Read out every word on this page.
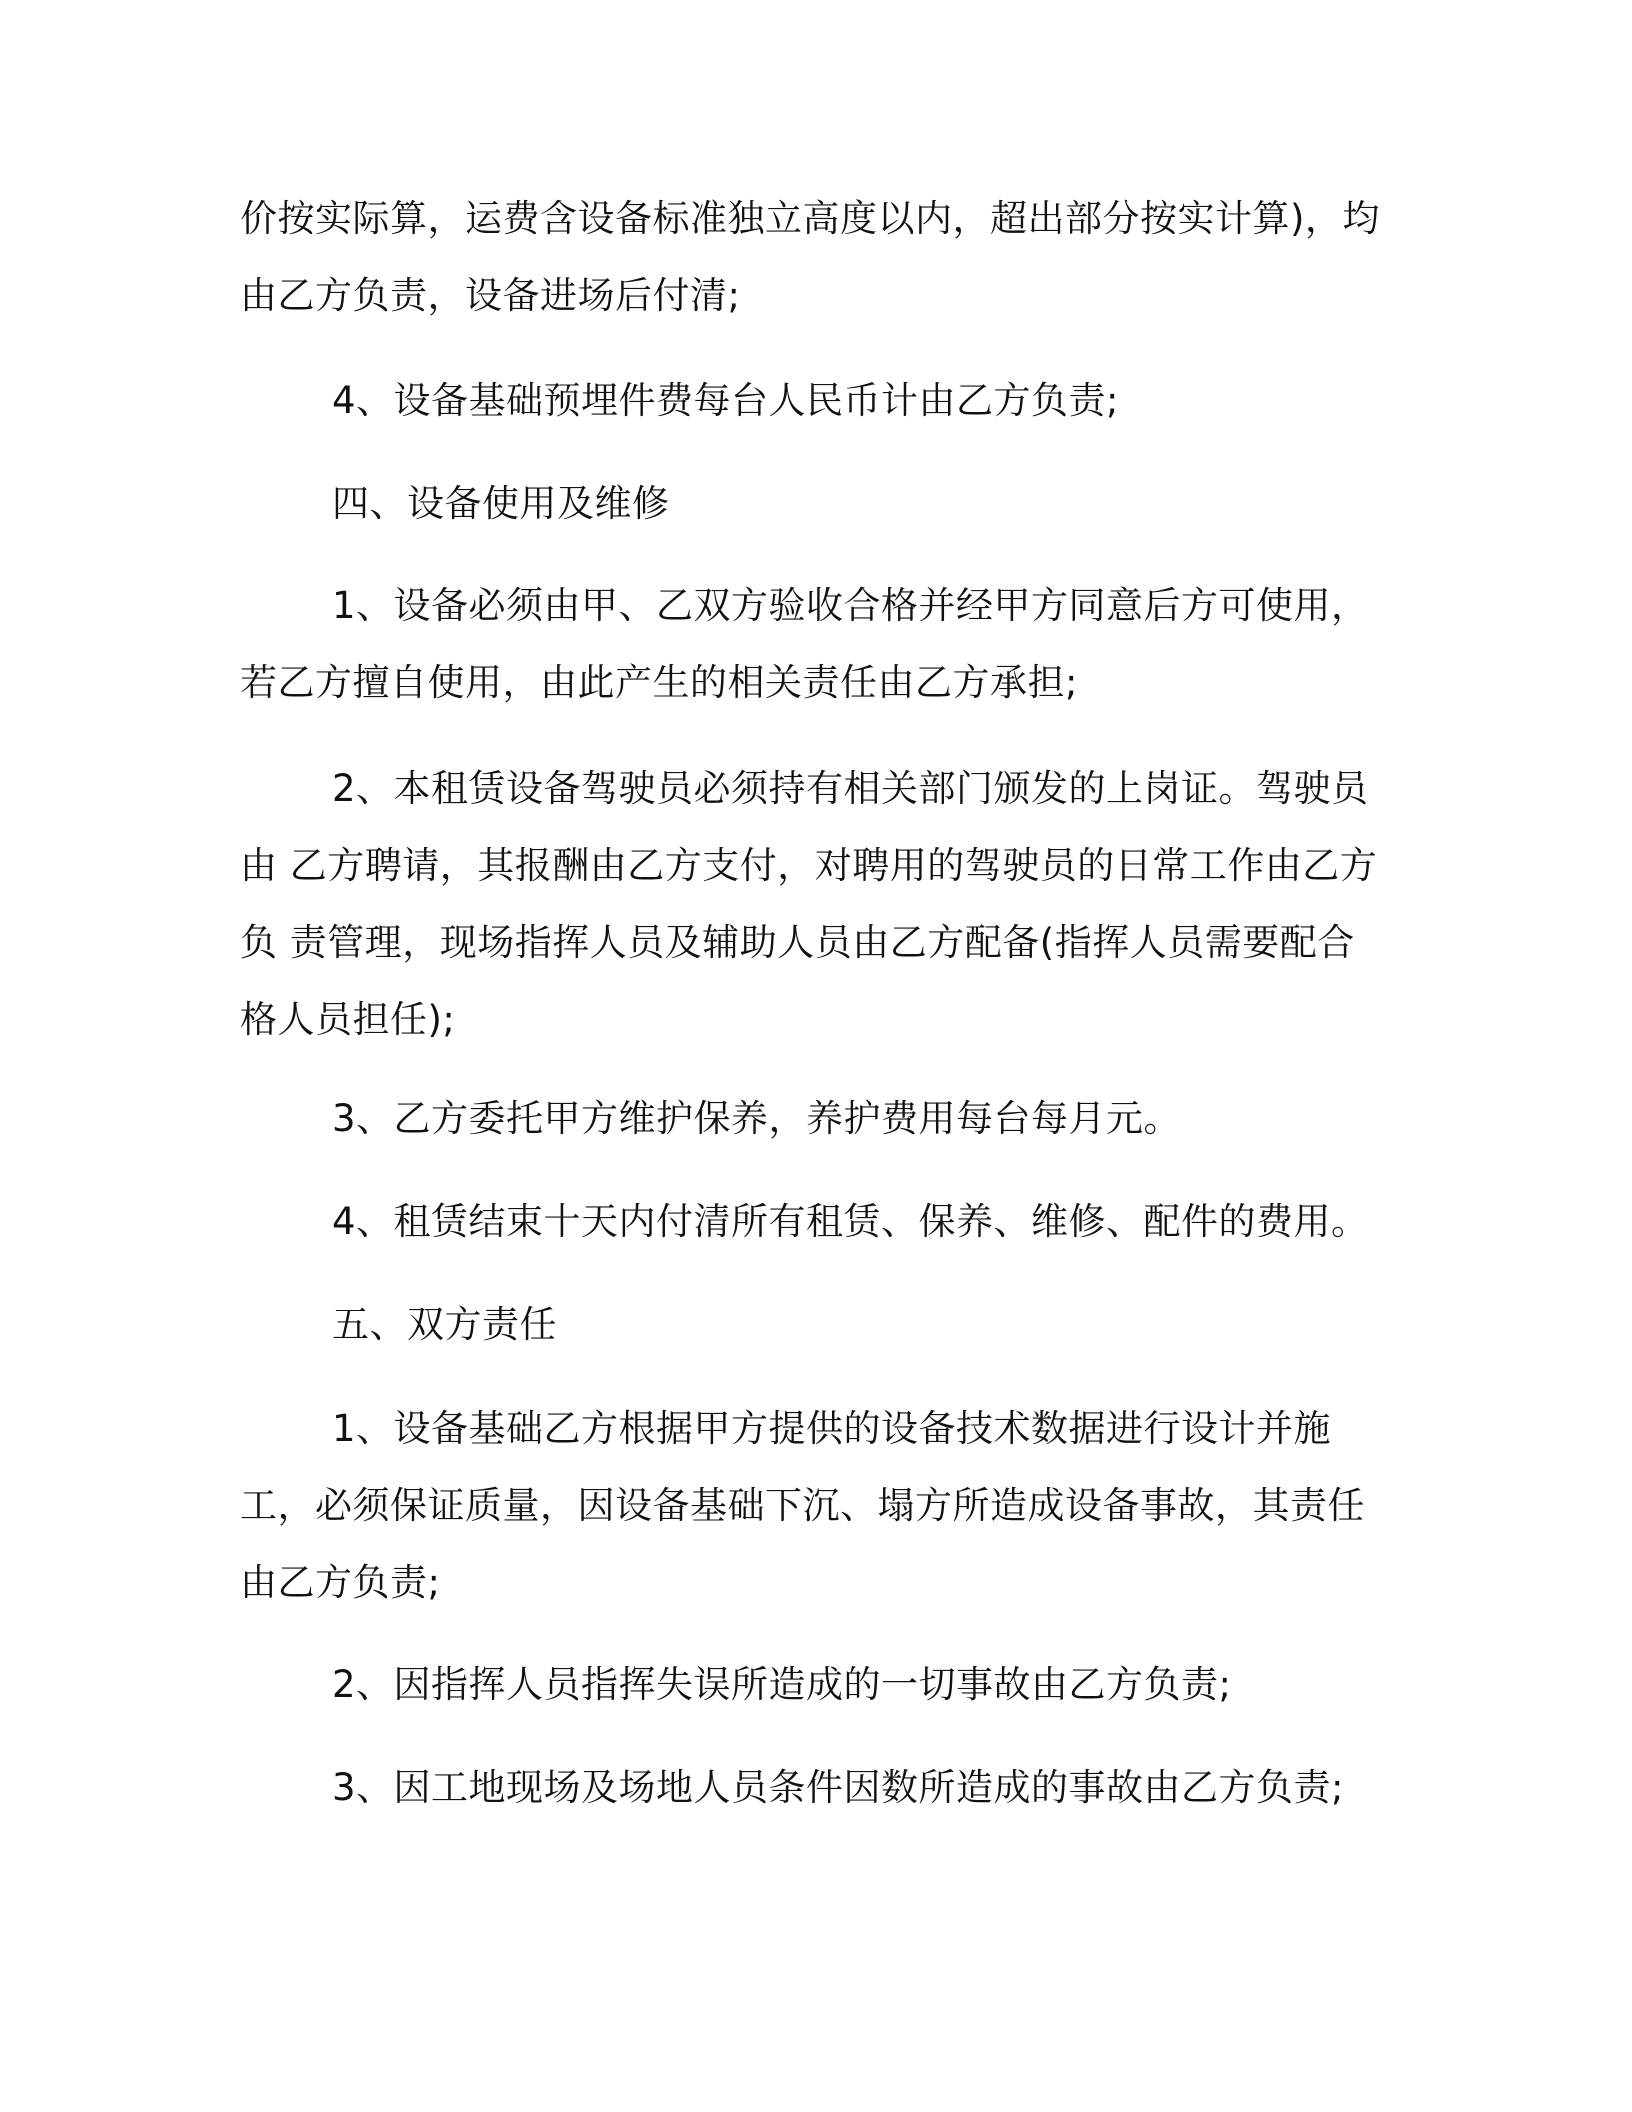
价按实际算，运费含设备标准独立高度以内，超出部分按实计算)，均由乙方负责，设备进场后付清;

4、设备基础预埋件费每台人民币计由乙方负责;

四、设备使用及维修

1、设备必须由甲、乙双方验收合格并经甲方同意后方可使用，若乙方擅自使用，由此产生的相关责任由乙方承担;

2、本租赁设备驾驶员必须持有相关部门颁发的上岗证。驾驶员由 乙方聘请，其报酬由乙方支付，对聘用的驾驶员的日常工作由乙方负 责管理，现场指挥人员及辅助人员由乙方配备(指挥人员需要配合 格人员担任);

3、乙方委托甲方维护保养，养护费用每台每月元。

4、租赁结束十天内付清所有租赁、保养、维修、配件的费用。

五、双方责任

1、设备基础乙方根据甲方提供的设备技术数据进行设计并施工，必须保证质量，因设备基础下沉、塌方所造成设备事故，其责任由乙方负责;

2、因指挥人员指挥失误所造成的一切事故由乙方负责;

3、因工地现场及场地人员条件因数所造成的事故由乙方负责;
